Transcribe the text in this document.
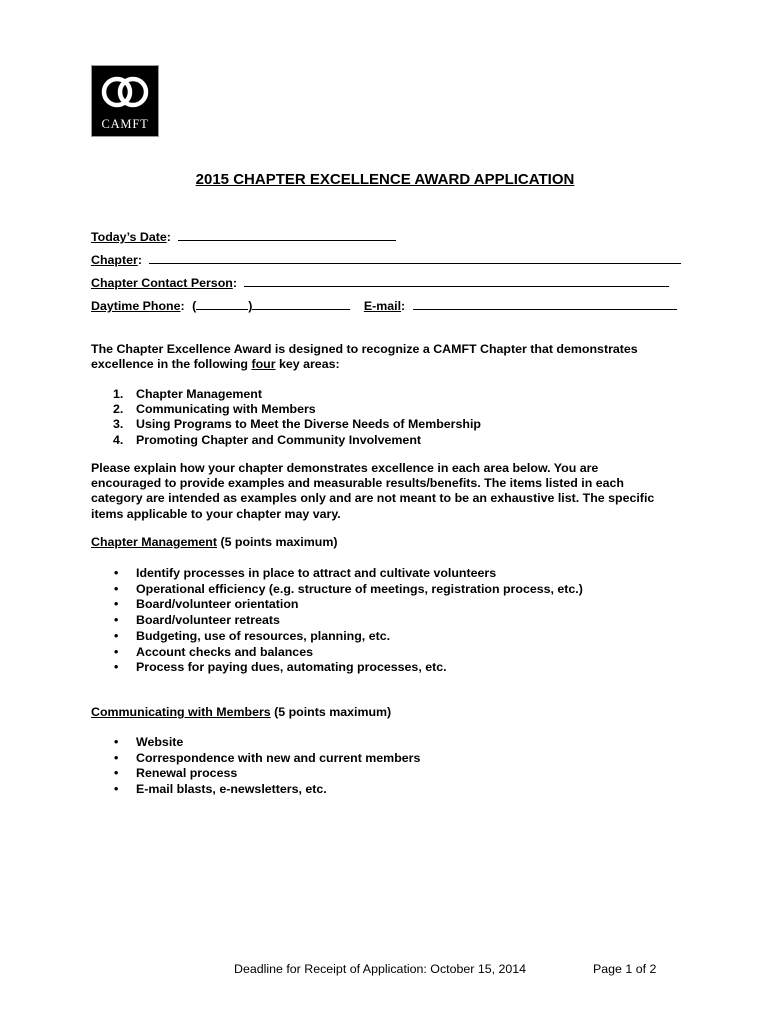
CAMFT
2015 CHAPTER EXCELLENCE AWARD APPLICATION
Today’s Date:
Chapter:
Chapter Contact Person:
Daytime Phone: (	)	E-mail:

The Chapter Excellence Award is designed to recognize a CAMFT Chapter that demonstrates

excellence in the following four key areas:

1.	Chapter Management
2.	Communicating with Members
3.	Using Programs to Meet the Diverse Needs of Membership
4.	Promoting Chapter and Community Involvement

Please explain how your chapter demonstrates excellence in each area below. You are

encouraged to provide examples and measurable results/benefits. The items listed in each

category are intended as examples only and are not meant to be an exhaustive list. The specific

items applicable to your chapter may vary.

Chapter Management (5 points maximum)
•	Identify processes in place to attract and cultivate volunteers
•	Operational efficiency (e.g. structure of meetings, registration process, etc.)
•	Board/volunteer orientation
•	Board/volunteer retreats
•	Budgeting, use of resources, planning, etc.
•	Account checks and balances
•	Process for paying dues, automating processes, etc.
Communicating with Members (5 points maximum)
•	Website
•	Correspondence with new and current members
•	Renewal process
•	E-mail blasts, e-newsletters, etc.
Deadline for Receipt of Application: October 15, 2014	Page 1 of 2
